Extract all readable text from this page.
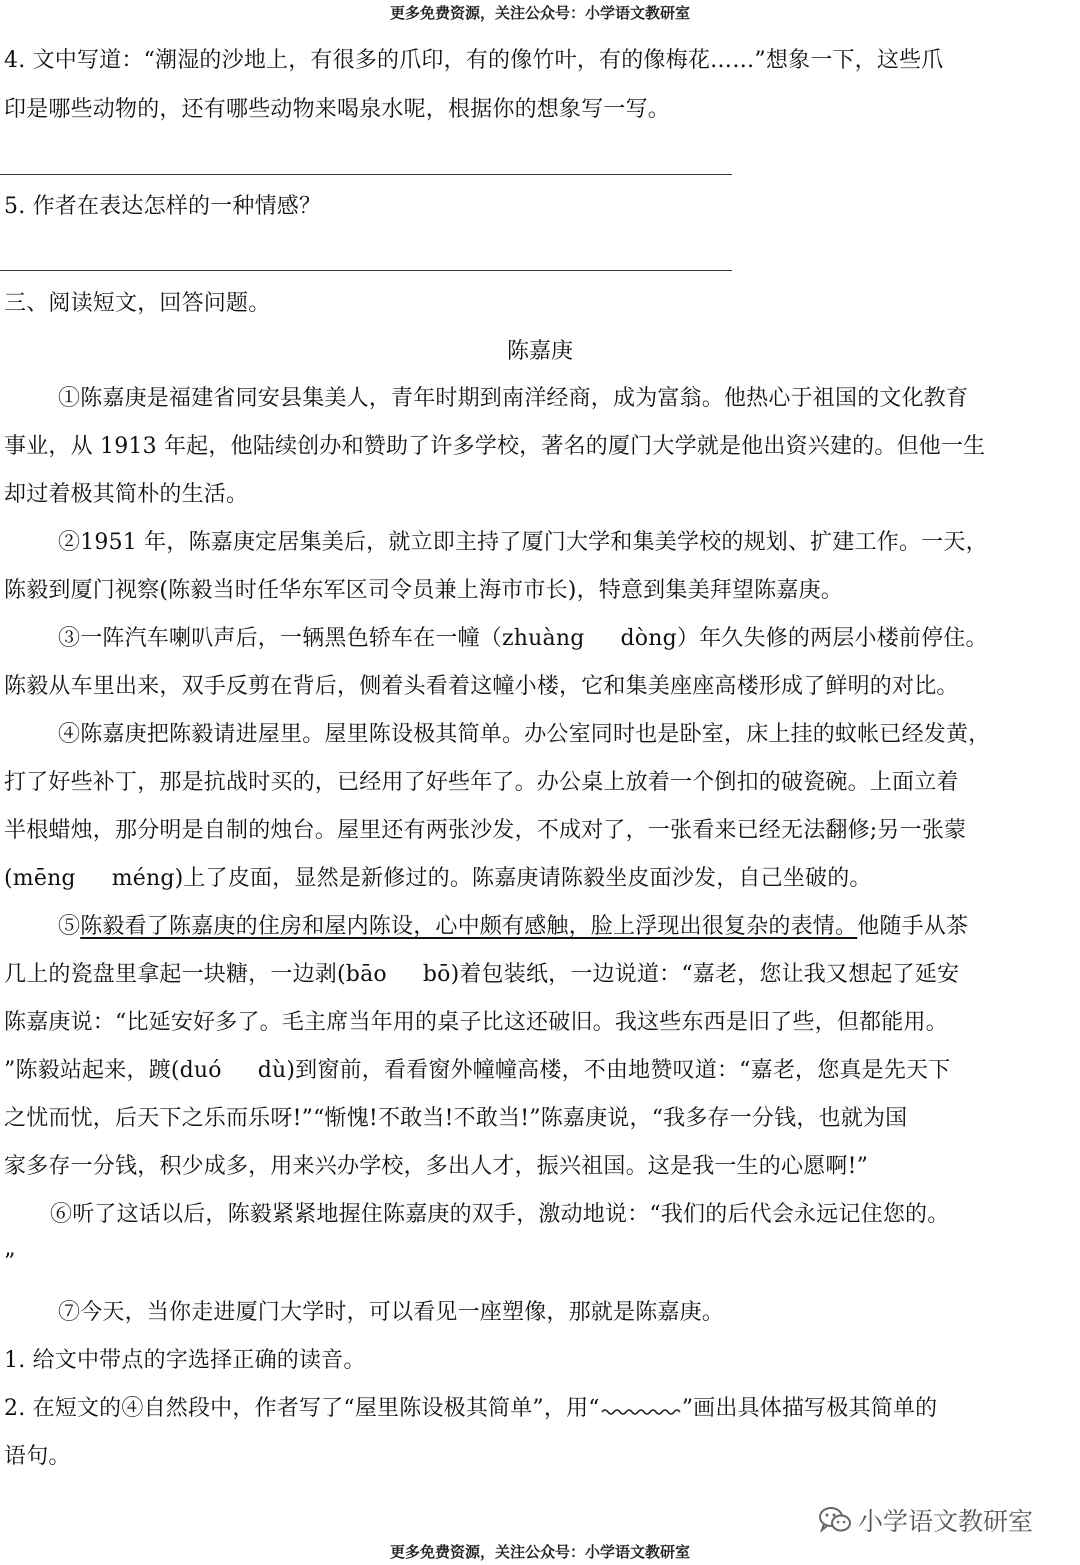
更多免费资源，关注公众号：小学语文教研室
4. 文中写道：“潮湿的沙地上，有很多的爪印，有的像竹叶，有的像梅花……”想象一下，这些爪
印是哪些动物的，还有哪些动物来喝泉水呢，根据你的想象写一写。
5. 作者在表达怎样的一种情感？
三、阅读短文，回答问题。
陈嘉庚
①陈嘉庚是福建省同安县集美人，青年时期到南洋经商，成为富翁。他热心于祖国的文化教育
事业，从 1913 年起，他陆续创办和赞助了许多学校，著名的厦门大学就是他出资兴建的。但他一生
却过着极其简朴的生活。
②1951 年，陈嘉庚定居集美后，就立即主持了厦门大学和集美学校的规划、扩建工作。一天，
陈毅到厦门视察(陈毅当时任华东军区司令员兼上海市市长)，特意到集美拜望陈嘉庚。
③一阵汽车喇叭声后，一辆黑色轿车在一幢（zhuàng dòng）年久失修的两层小楼前停住。
陈毅从车里出来，双手反剪在背后，侧着头看着这幢小楼，它和集美座座高楼形成了鲜明的对比。
④陈嘉庚把陈毅请进屋里。屋里陈设极其简单。办公室同时也是卧室，床上挂的蚊帐已经发黄，
打了好些补丁，那是抗战时买的，已经用了好些年了。办公桌上放着一个倒扣的破瓷碗。上面立着
半根蜡烛，那分明是自制的烛台。屋里还有两张沙发，不成对了，一张看来已经无法翻修;另一张蒙
(mēng méng)上了皮面，显然是新修过的。陈嘉庚请陈毅坐皮面沙发，自己坐破的。
⑤陈毅看了陈嘉庚的住房和屋内陈设，心中颇有感触，脸上浮现出很复杂的表情。他随手从茶
几上的瓷盘里拿起一块糖，一边剥(bāo bō)着包装纸，一边说道：“嘉老，您让我又想起了延安
陈嘉庚说：“比延安好多了。毛主席当年用的桌子比这还破旧。我这些东西是旧了些，但都能用。
”陈毅站起来，踱(duó dù)到窗前，看看窗外幢幢高楼，不由地赞叹道：“嘉老，您真是先天下
之忧而忧，后天下之乐而乐呀!”“惭愧!不敢当!不敢当!”陈嘉庚说，“我多存一分钱，也就为国
家多存一分钱，积少成多，用来兴办学校，多出人才，振兴祖国。这是我一生的心愿啊!”
⑥听了这话以后，陈毅紧紧地握住陈嘉庚的双手，激动地说：“我们的后代会永远记住您的。
”
⑦今天，当你走进厦门大学时，可以看见一座塑像，那就是陈嘉庚。
1. 给文中带点的字选择正确的读音。
2. 在短文的④自然段中，作者写了“屋里陈设极其简单”，用“	”画出具体描写极其简单的
语句。
小学语文教研室
更多免费资源，关注公众号：小学语文教研室
